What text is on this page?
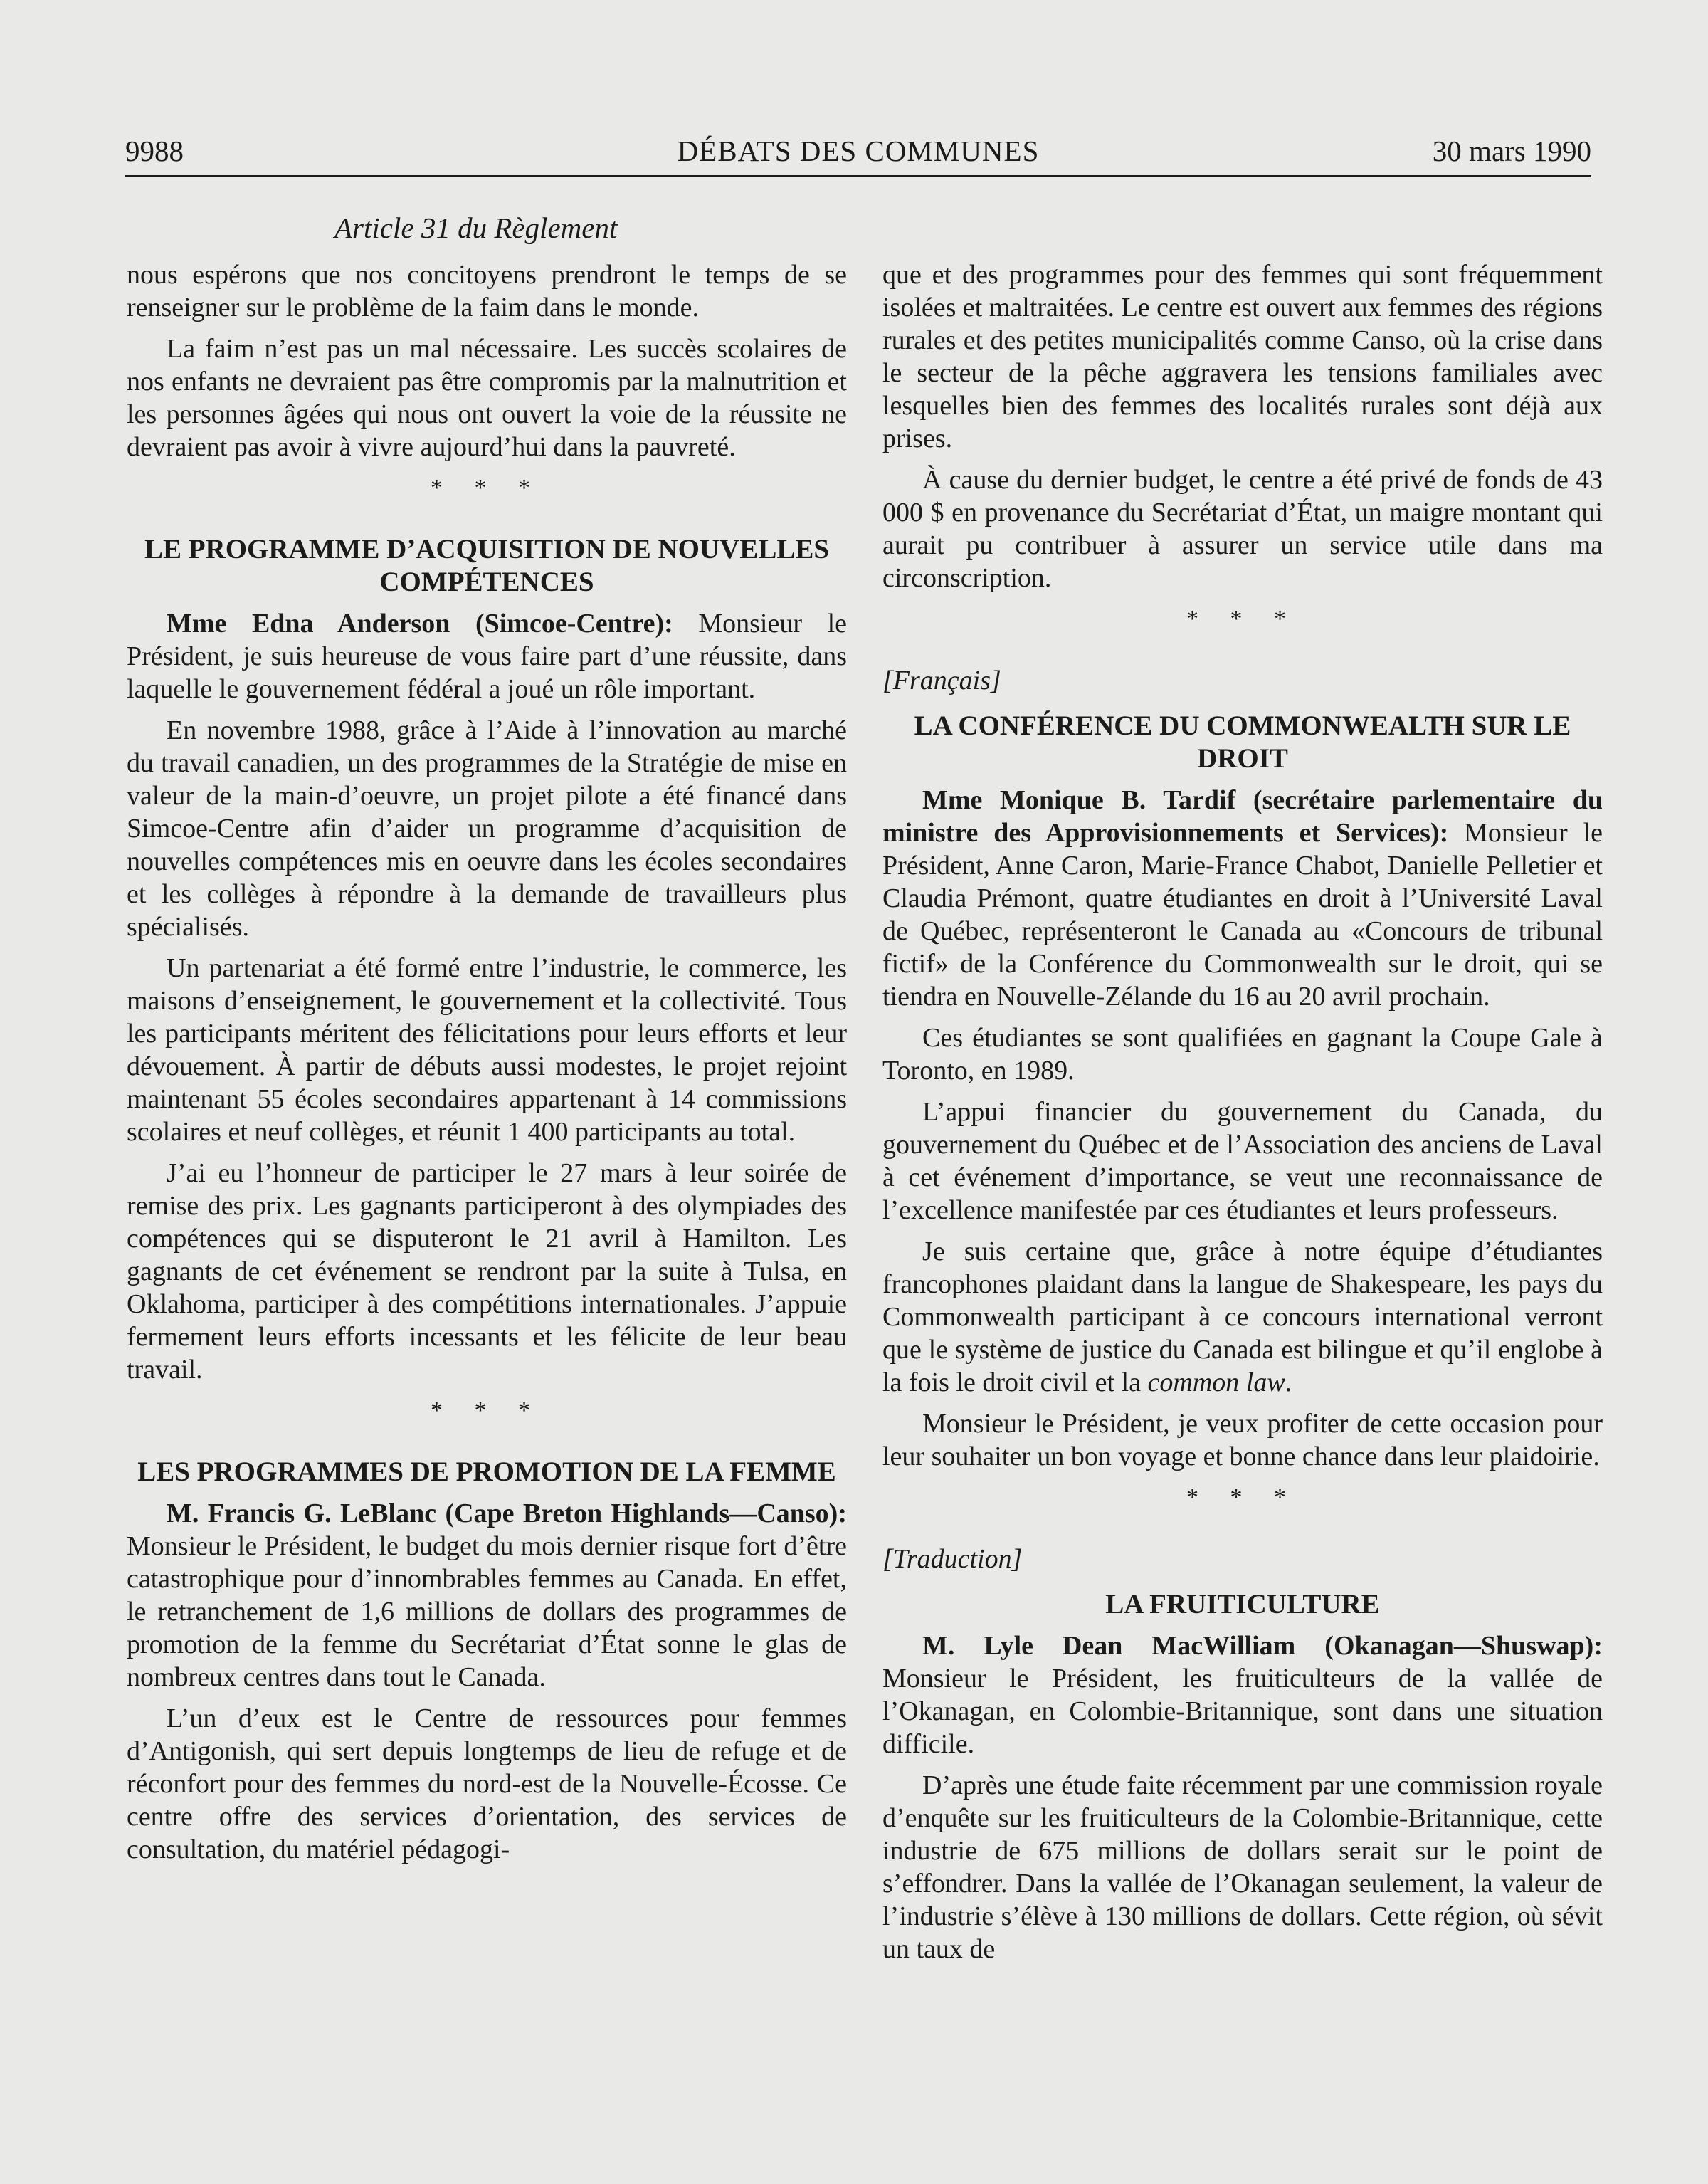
9988	DÉBATS DES COMMUNES	30 mars 1990
Article 31 du Règlement

nous espérons que nos concitoyens prendront le temps de se renseigner sur le problème de la faim dans le monde.

La faim n’est pas un mal nécessaire. Les succès scolaires de nos enfants ne devraient pas être compromis par la malnutrition et les personnes âgées qui nous ont ouvert la voie de la réussite ne devraient pas avoir à vivre aujourd’hui dans la pauvreté.

* * *
LE PROGRAMME D’ACQUISITION DE NOUVELLES COMPÉTENCES

Mme Edna Anderson (Simcoe-Centre): Monsieur le Président, je suis heureuse de vous faire part d’une réussite, dans laquelle le gouvernement fédéral a joué un rôle important.

En novembre 1988, grâce à l’Aide à l’innovation au marché du travail canadien, un des programmes de la Stratégie de mise en valeur de la main-d’oeuvre, un projet pilote a été financé dans Simcoe-Centre afin d’aider un programme d’acquisition de nouvelles compétences mis en oeuvre dans les écoles secondaires et les collèges à répondre à la demande de travailleurs plus spécialisés.

Un partenariat a été formé entre l’industrie, le commerce, les maisons d’enseignement, le gouvernement et la collectivité. Tous les participants méritent des félicitations pour leurs efforts et leur dévouement. À partir de débuts aussi modestes, le projet rejoint maintenant 55 écoles secondaires appartenant à 14 commissions scolaires et neuf collèges, et réunit 1 400 participants au total.

J’ai eu l’honneur de participer le 27 mars à leur soirée de remise des prix. Les gagnants participeront à des olympiades des compétences qui se disputeront le 21 avril à Hamilton. Les gagnants de cet événement se rendront par la suite à Tulsa, en Oklahoma, participer à des compétitions internationales. J’appuie fermement leurs efforts incessants et les félicite de leur beau travail.

* * *
LES PROGRAMMES DE PROMOTION DE LA FEMME

M. Francis G. LeBlanc (Cape Breton Highlands—Canso): Monsieur le Président, le budget du mois dernier risque fort d’être catastrophique pour d’innombrables femmes au Canada. En effet, le retranchement de 1,6 millions de dollars des programmes de promotion de la femme du Secrétariat d’État sonne le glas de nombreux centres dans tout le Canada.

L’un d’eux est le Centre de ressources pour femmes d’Antigonish, qui sert depuis longtemps de lieu de refuge et de réconfort pour des femmes du nord-est de la Nouvelle-Écosse. Ce centre offre des services d’orientation, des services de consultation, du matériel pédagogi-

que et des programmes pour des femmes qui sont fréquemment isolées et maltraitées. Le centre est ouvert aux femmes des régions rurales et des petites municipalités comme Canso, où la crise dans le secteur de la pêche aggravera les tensions familiales avec lesquelles bien des femmes des localités rurales sont déjà aux prises.

À cause du dernier budget, le centre a été privé de fonds de 43 000 $ en provenance du Secrétariat d’État, un maigre montant qui aurait pu contribuer à assurer un service utile dans ma circonscription.

* * *
[Français]
LA CONFÉRENCE DU COMMONWEALTH SUR LE DROIT

Mme Monique B. Tardif (secrétaire parlementaire du ministre des Approvisionnements et Services): Monsieur le Président, Anne Caron, Marie-France Chabot, Danielle Pelletier et Claudia Prémont, quatre étudiantes en droit à l’Université Laval de Québec, représenteront le Canada au «Concours de tribunal fictif» de la Conférence du Commonwealth sur le droit, qui se tiendra en Nouvelle-Zélande du 16 au 20 avril prochain.

Ces étudiantes se sont qualifiées en gagnant la Coupe Gale à Toronto, en 1989.

L’appui financier du gouvernement du Canada, du gouvernement du Québec et de l’Association des anciens de Laval à cet événement d’importance, se veut une reconnaissance de l’excellence manifestée par ces étudiantes et leurs professeurs.

Je suis certaine que, grâce à notre équipe d’étudiantes francophones plaidant dans la langue de Shakespeare, les pays du Commonwealth participant à ce concours international verront que le système de justice du Canada est bilingue et qu’il englobe à la fois le droit civil et la common law.

Monsieur le Président, je veux profiter de cette occasion pour leur souhaiter un bon voyage et bonne chance dans leur plaidoirie.

* * *
[Traduction]
LA FRUITICULTURE

M. Lyle Dean MacWilliam (Okanagan—Shuswap): Monsieur le Président, les fruiticulteurs de la vallée de l’Okanagan, en Colombie-Britannique, sont dans une situation difficile.

D’après une étude faite récemment par une commission royale d’enquête sur les fruiticulteurs de la Colombie-Britannique, cette industrie de 675 millions de dollars serait sur le point de s’effondrer. Dans la vallée de l’Okanagan seulement, la valeur de l’industrie s’élève à 130 millions de dollars. Cette région, où sévit un taux de
